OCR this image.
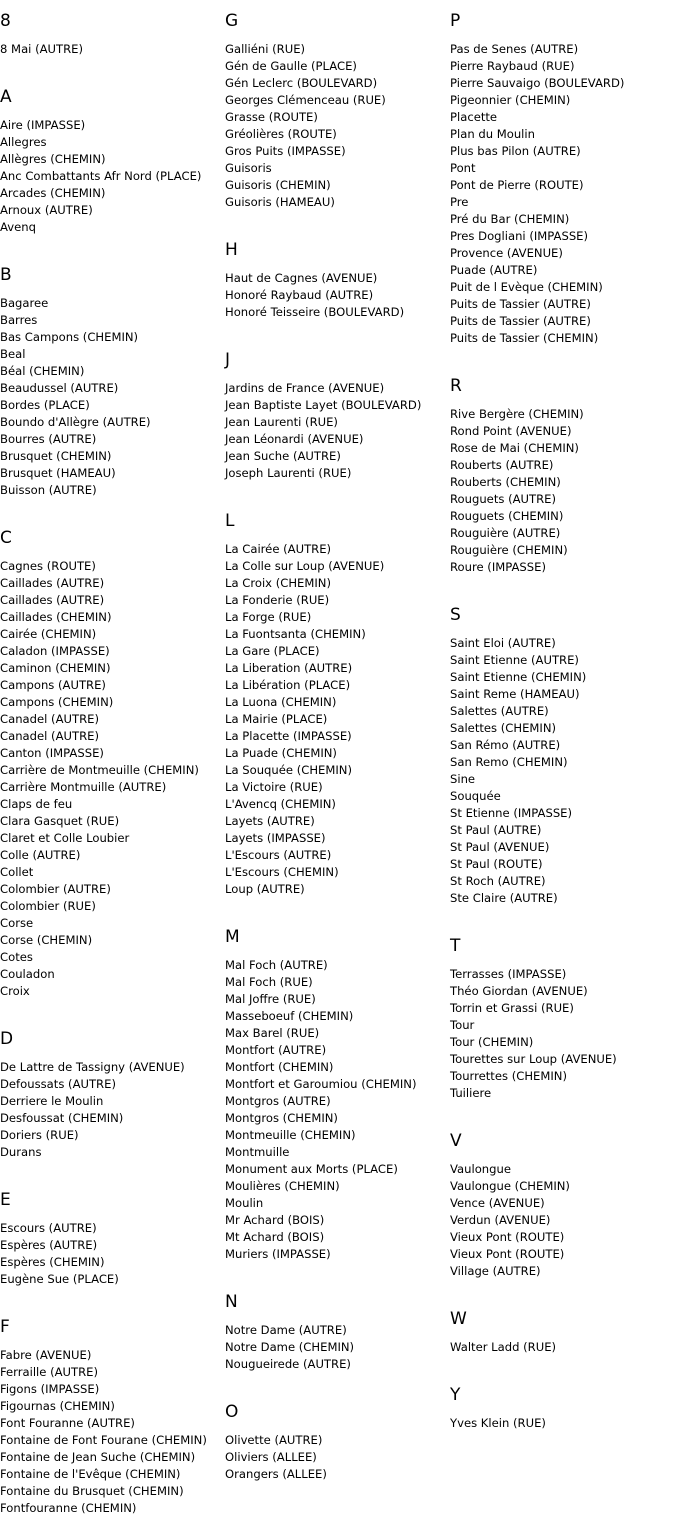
8
8 Mai (AUTRE)
A
Aire (IMPASSE)
Allegres
Allègres (CHEMIN)
Anc Combattants Afr Nord (PLACE)
Arcades (CHEMIN)
Arnoux (AUTRE)
Avenq
B
Bagaree
Barres
Bas Campons (CHEMIN)
Beal
Béal (CHEMIN)
Beaudussel (AUTRE)
Bordes (PLACE)
Boundo d'Allègre (AUTRE)
Bourres (AUTRE)
Brusquet (CHEMIN)
Brusquet (HAMEAU)
Buisson (AUTRE)
C
Cagnes (ROUTE)
Caillades (AUTRE)
Caillades (AUTRE)
Caillades (CHEMIN)
Cairée (CHEMIN)
Caladon (IMPASSE)
Caminon (CHEMIN)
Campons (AUTRE)
Campons (CHEMIN)
Canadel (AUTRE)
Canadel (AUTRE)
Canton (IMPASSE)
Carrière de Montmeuille (CHEMIN)
Carrière Montmuille (AUTRE)
Claps de feu
Clara Gasquet (RUE)
Claret et Colle Loubier
Colle (AUTRE)
Collet
Colombier (AUTRE)
Colombier (RUE)
Corse
Corse (CHEMIN)
Cotes
Couladon
Croix
D
De Lattre de Tassigny (AVENUE)
Defoussats (AUTRE)
Derriere le Moulin
Desfoussat (CHEMIN)
Doriers (RUE)
Durans
E
Escours (AUTRE)
Espères (AUTRE)
Espères (CHEMIN)
Eugène Sue (PLACE)
F
Fabre (AVENUE)
Ferraille (AUTRE)
Figons (IMPASSE)
Figournas (CHEMIN)
Font Fouranne (AUTRE)
Fontaine de Font Fourane (CHEMIN)
Fontaine de Jean Suche (CHEMIN)
Fontaine de l'Evêque (CHEMIN)
Fontaine du Brusquet (CHEMIN)
Fontfouranne (CHEMIN)
G
Galliéni (RUE)
Gén de Gaulle (PLACE)
Gén Leclerc (BOULEVARD)
Georges Clémenceau (RUE)
Grasse (ROUTE)
Gréolières (ROUTE)
Gros Puits (IMPASSE)
Guisoris
Guisoris (CHEMIN)
Guisoris (HAMEAU)
H
Haut de Cagnes (AVENUE)
Honoré Raybaud (AUTRE)
Honoré Teisseire (BOULEVARD)
J
Jardins de France (AVENUE)
Jean Baptiste Layet (BOULEVARD)
Jean Laurenti (RUE)
Jean Léonardi (AVENUE)
Jean Suche (AUTRE)
Joseph Laurenti (RUE)
L
La Cairée (AUTRE)
La Colle sur Loup (AVENUE)
La Croix (CHEMIN)
La Fonderie (RUE)
La Forge (RUE)
La Fuontsanta (CHEMIN)
La Gare (PLACE)
La Liberation (AUTRE)
La Libération (PLACE)
La Luona (CHEMIN)
La Mairie (PLACE)
La Placette (IMPASSE)
La Puade (CHEMIN)
La Souquée (CHEMIN)
La Victoire (RUE)
L'Avencq (CHEMIN)
Layets (AUTRE)
Layets (IMPASSE)
L'Escours (AUTRE)
L'Escours (CHEMIN)
Loup (AUTRE)
M
Mal Foch (AUTRE)
Mal Foch (RUE)
Mal Joffre (RUE)
Masseboeuf (CHEMIN)
Max Barel (RUE)
Montfort (AUTRE)
Montfort (CHEMIN)
Montfort et Garoumiou (CHEMIN)
Montgros (AUTRE)
Montgros (CHEMIN)
Montmeuille (CHEMIN)
Montmuille
Monument aux Morts (PLACE)
Moulières (CHEMIN)
Moulin
Mr Achard (BOIS)
Mt Achard (BOIS)
Muriers (IMPASSE)
N
Notre Dame (AUTRE)
Notre Dame (CHEMIN)
Nougueirede (AUTRE)
O
Olivette (AUTRE)
Oliviers (ALLEE)
Orangers (ALLEE)
P
Pas de Senes (AUTRE)
Pierre Raybaud (RUE)
Pierre Sauvaigo (BOULEVARD)
Pigeonnier (CHEMIN)
Placette
Plan du Moulin
Plus bas Pilon (AUTRE)
Pont
Pont de Pierre (ROUTE)
Pre
Pré du Bar (CHEMIN)
Pres Dogliani (IMPASSE)
Provence (AVENUE)
Puade (AUTRE)
Puit de l Evèque (CHEMIN)
Puits de Tassier (AUTRE)
Puits de Tassier (AUTRE)
Puits de Tassier (CHEMIN)
R
Rive Bergère (CHEMIN)
Rond Point (AVENUE)
Rose de Mai (CHEMIN)
Rouberts (AUTRE)
Rouberts (CHEMIN)
Rouguets (AUTRE)
Rouguets (CHEMIN)
Rouguière (AUTRE)
Rouguière (CHEMIN)
Roure (IMPASSE)
S
Saint Eloi (AUTRE)
Saint Etienne (AUTRE)
Saint Etienne (CHEMIN)
Saint Reme (HAMEAU)
Salettes (AUTRE)
Salettes (CHEMIN)
San Rémo (AUTRE)
San Remo (CHEMIN)
Sine
Souquée
St Etienne (IMPASSE)
St Paul (AUTRE)
St Paul (AVENUE)
St Paul (ROUTE)
St Roch (AUTRE)
Ste Claire (AUTRE)
T
Terrasses (IMPASSE)
Théo Giordan (AVENUE)
Torrin et Grassi (RUE)
Tour
Tour (CHEMIN)
Tourettes sur Loup (AVENUE)
Tourrettes (CHEMIN)
Tuiliere
V
Vaulongue
Vaulongue (CHEMIN)
Vence (AVENUE)
Verdun (AVENUE)
Vieux Pont (ROUTE)
Vieux Pont (ROUTE)
Village (AUTRE)
W
Walter Ladd (RUE)
Y
Yves Klein (RUE)
